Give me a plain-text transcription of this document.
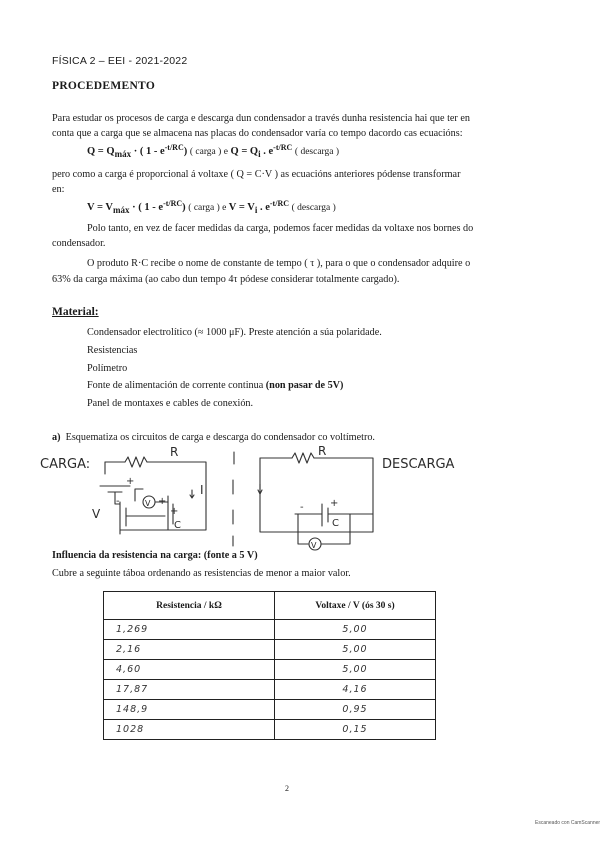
FÍSICA 2 – EEI - 2021-2022
PROCEDEMENTO
Para estudar os procesos de carga e descarga dun condensador a través dunha resistencia hai que ter en
conta que a carga que se almacena nas placas do condensador varía co tempo dacordo cas ecuacións:
Q = Qmáx · ( $1 - e^{-t/RC}$) ( carga ) e Q = Qi . $e^{-t/RC}$ ( descarga )
pero como a carga é proporcional á voltaxe ( Q = C·V ) as ecuacións anteriores pódense transformar
en:
V = Vmáx · ( $1 - e^{-t/RC}$) ( carga ) e V = Vi . $e^{-t/RC}$ ( descarga )
Polo tanto, en vez de facer medidas da carga, podemos facer medidas da voltaxe nos bornes do
condensador.
O produto R·C recibe o nome de constante de tempo ( τ ), para o que o condensador adquire o
63% da carga máxima (ao cabo dun tempo 4τ pódese considerar totalmente cargado).
Material:
Condensador electrolítico (≈ 1000 μF). Preste atención a súa polaridade.
Resistencias
Polímetro
Fonte de alimentación de corrente continua (non pasar de 5V)
Panel de montaxes e cables de conexión.
a) Esquematiza os circuitos de carga e descarga do condensador co voltímetro.
CARGA:
R
I
V
V
C
+
+
+
-
R
DESCARGA
C
+
-
V
Influencia da resistencia na carga: (fonte a 5 V)
Cubre a seguinte táboa ordenando as resistencias de menor a maior valor.
Resistencia / kΩ	Voltaxe / V (ós 30 s)
1,269	5,00
2,16	5,00
4,60	5,00
17,87	4,16
148,9	0,95
1028	0,15
2
Escaneado con CamScanner
